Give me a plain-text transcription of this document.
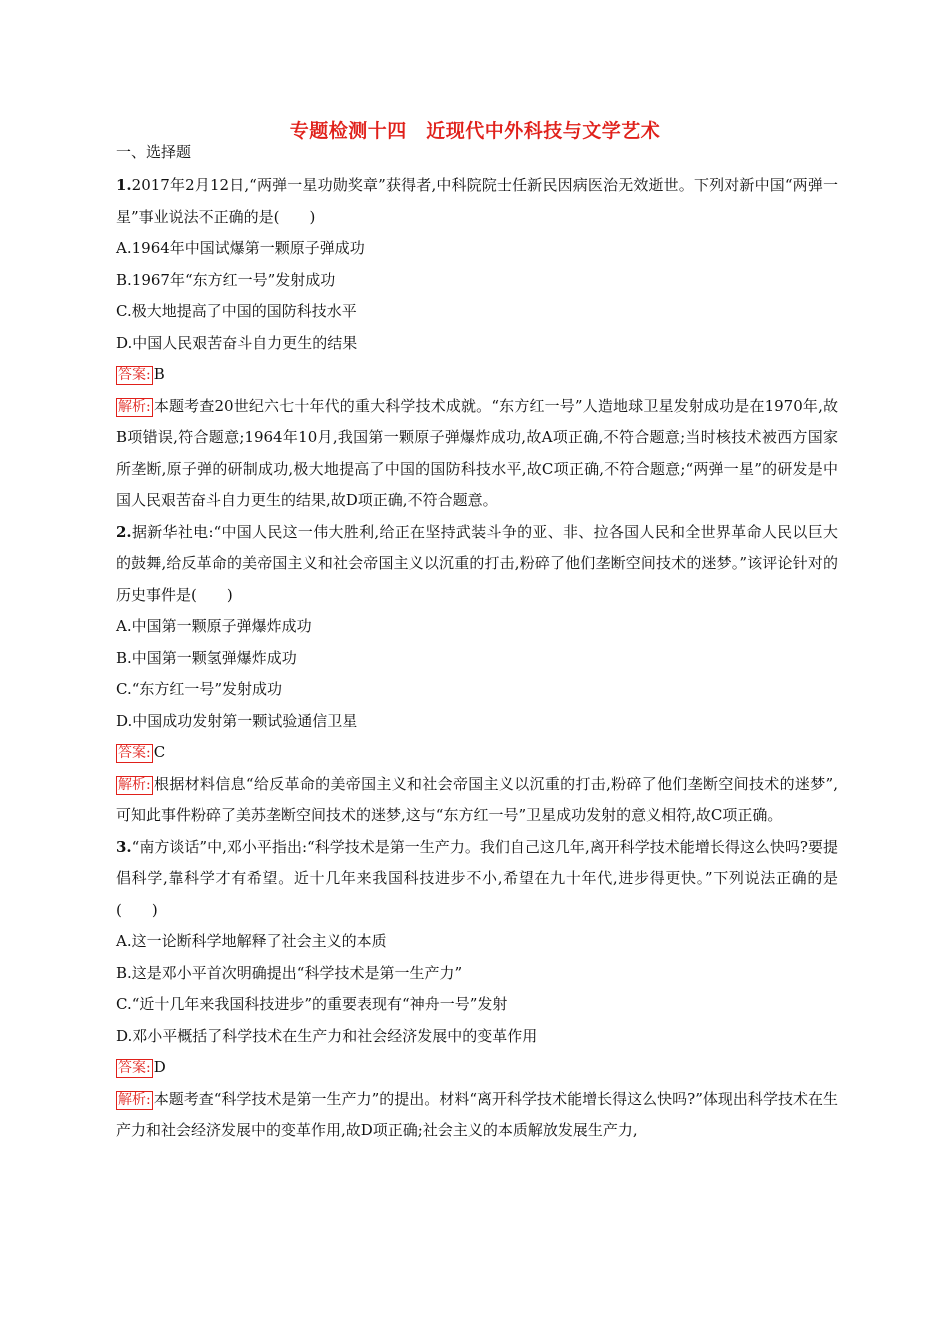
专题检测十四　近现代中外科技与文学艺术
一、选择题

1.2017年2月12日,“两弹一星功勋奖章”获得者,中科院院士任新民因病医治无效逝世。下列对新中国“两弹一星”事业说法不正确的是(　　)

A.1964年中国试爆第一颗原子弹成功

B.1967年“东方红一号”发射成功

C.极大地提高了中国的国防科技水平

D.中国人民艰苦奋斗自力更生的结果

答案: B

解析: 本题考查20世纪六七十年代的重大科学技术成就。“东方红一号”人造地球卫星发射成功是在1970年,故B项错误,符合题意;1964年10月,我国第一颗原子弹爆炸成功,故A项正确,不符合题意;当时核技术被西方国家所垄断,原子弹的研制成功,极大地提高了中国的国防科技水平,故C项正确,不符合题意;“两弹一星”的研发是中国人民艰苦奋斗自力更生的结果,故D项正确,不符合题意。

2.据新华社电:“中国人民这一伟大胜利,给正在坚持武装斗争的亚、非、拉各国人民和全世界革命人民以巨大的鼓舞,给反革命的美帝国主义和社会帝国主义以沉重的打击,粉碎了他们垄断空间技术的迷梦。”该评论针对的历史事件是(　　)

A.中国第一颗原子弹爆炸成功

B.中国第一颗氢弹爆炸成功

C.“东方红一号”发射成功

D.中国成功发射第一颗试验通信卫星

答案: C

解析: 根据材料信息“给反革命的美帝国主义和社会帝国主义以沉重的打击,粉碎了他们垄断空间技术的迷梦”,可知此事件粉碎了美苏垄断空间技术的迷梦,这与“东方红一号”卫星成功发射的意义相符,故C项正确。

3.“南方谈话”中,邓小平指出:“科学技术是第一生产力。我们自己这几年,离开科学技术能增长得这么快吗?要提倡科学,靠科学才有希望。近十几年来我国科技进步不小,希望在九十年代,进步得更快。”下列说法正确的是(　　)

A.这一论断科学地解释了社会主义的本质

B.这是邓小平首次明确提出“科学技术是第一生产力”

C.“近十几年来我国科技进步”的重要表现有“神舟一号”发射

D.邓小平概括了科学技术在生产力和社会经济发展中的变革作用

答案: D

解析: 本题考查“科学技术是第一生产力”的提出。材料“离开科学技术能增长得这么快吗?”体现出科学技术在生产力和社会经济发展中的变革作用,故D项正确;社会主义的本质解放发展生产力,
